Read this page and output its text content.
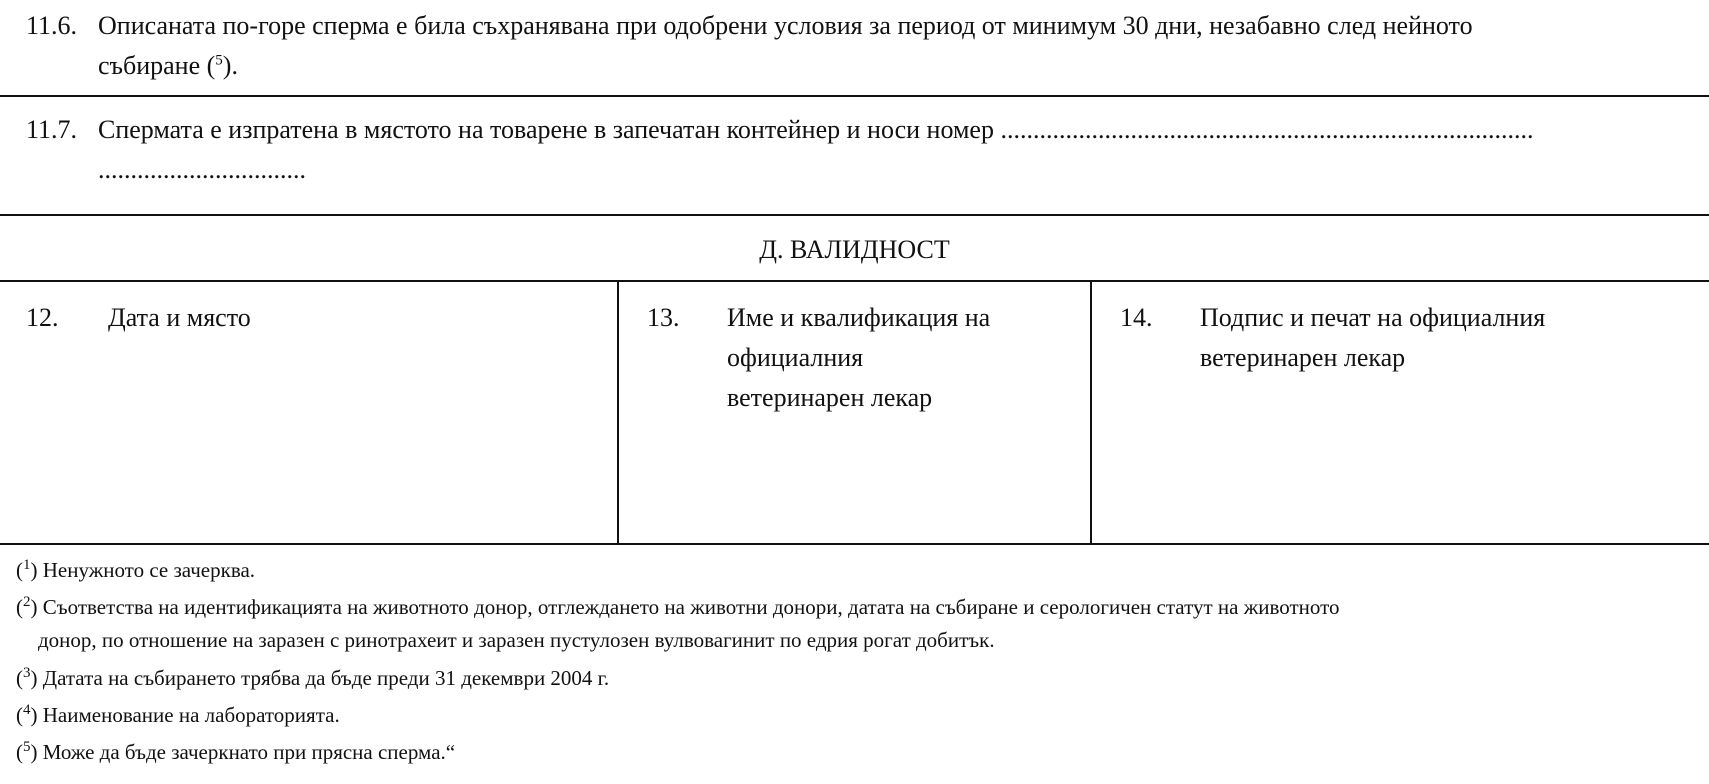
11.6. Описаната по-горе сперма е била съхранявана при одобрени условия за период от минимум 30 дни, незабавно след нейното
събиране ($^5$).
11.7. Спермата е изпратена в мястото на товарене в запечатан контейнер и носи номер ..................................................................................
................................
Д. ВАЛИДНОСТ
12. Дата и място	13. Име и квалификация на
официалния
ветеринарен лекар
14. Подпис и печат на официалния
ветеринарен лекар
($^1$) Ненужното се зачерква.
($^2$) Съответства на идентификацията на животното донор, отглеждането на животни донори, датата на събиране и серологичен статут на животното
донор, по отношение на заразен с ринотрахеит и заразен пустулозен вулвовагинит по едрия рогат добитък.
($^3$) Датата на събирането трябва да бъде преди 31 декември 2004 г.
($^4$) Наименование на лабораторията.
($^5$) Може да бъде зачеркнато при прясна сперма.“
